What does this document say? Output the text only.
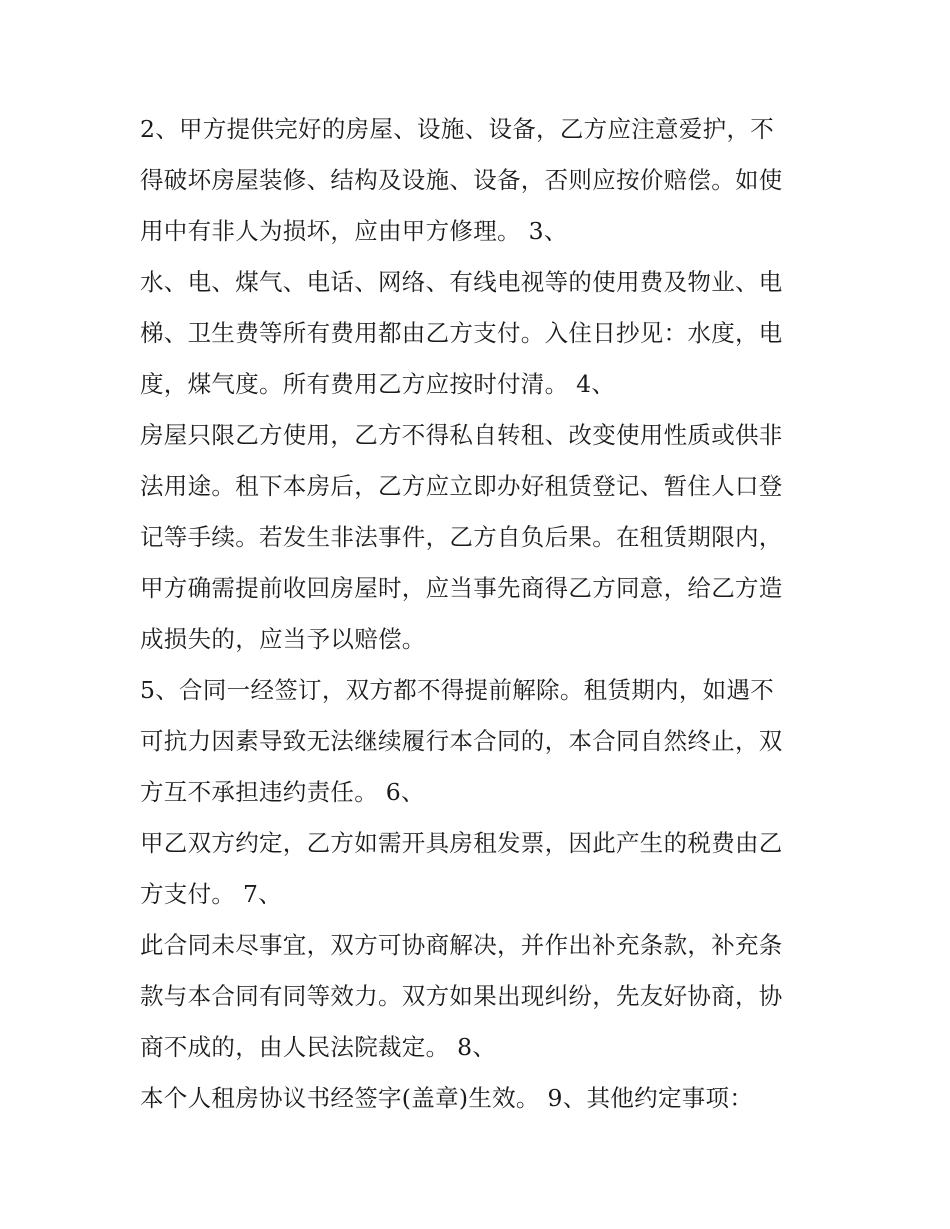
2、甲方提供完好的房屋、设施、设备，乙方应注意爱护，不
得破坏房屋装修、结构及设施、设备，否则应按价赔偿。如使
用中有非人为损坏，应由甲方修理。 3、
水、电、煤气、电话、网络、有线电视等的使用费及物业、电
梯、卫生费等所有费用都由乙方支付。入住日抄见：水度，电
度，煤气度。所有费用乙方应按时付清。 4、
房屋只限乙方使用，乙方不得私自转租、改变使用性质或供非
法用途。租下本房后，乙方应立即办好租赁登记、暂住人口登
记等手续。若发生非法事件，乙方自负后果。在租赁期限内，
甲方确需提前收回房屋时，应当事先商得乙方同意，给乙方造
成损失的，应当予以赔偿。
5、合同一经签订，双方都不得提前解除。租赁期内，如遇不
可抗力因素导致无法继续履行本合同的，本合同自然终止，双
方互不承担违约责任。 6、
甲乙双方约定，乙方如需开具房租发票，因此产生的税费由乙
方支付。 7、
此合同未尽事宜，双方可协商解决，并作出补充条款，补充条
款与本合同有同等效力。双方如果出现纠纷，先友好协商，协
商不成的，由人民法院裁定。 8、
本个人租房协议书经签字(盖章)生效。 9、其他约定事项：
